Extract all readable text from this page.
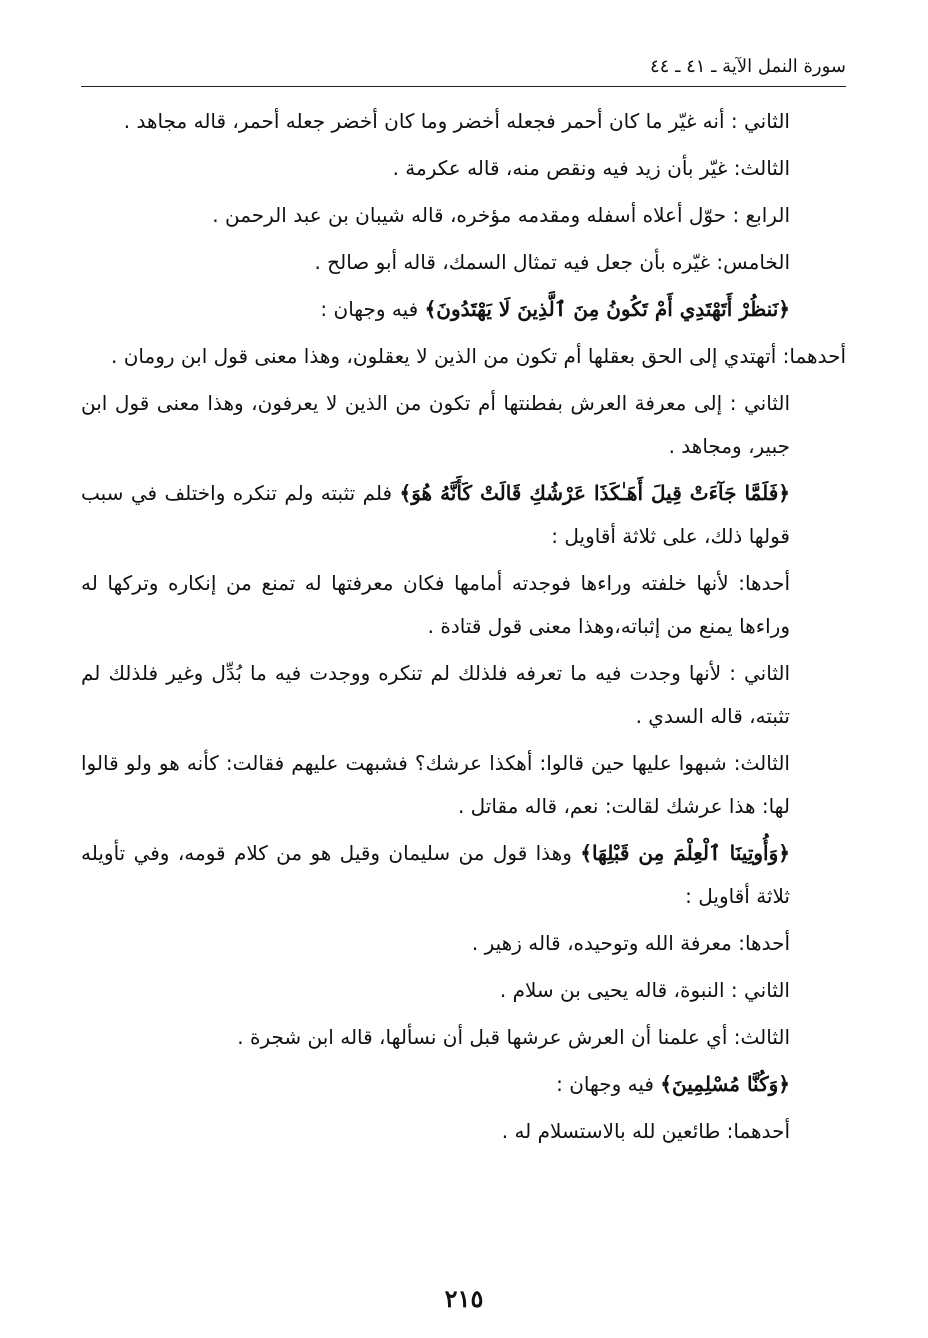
سورة النمل الآية ـ ٤١ ـ ٤٤

الثاني : أنه غيّر ما كان أحمر فجعله أخضر وما كان أخضر جعله أحمر، قاله مجاهد .

الثالث: غيّر بأن زيد فيه ونقص منه، قاله عكرمة .

الرابع : حوّل أعلاه أسفله ومقدمه مؤخره، قاله شيبان بن عبد الرحمن .

الخامس: غيّره بأن جعل فيه تمثال السمك، قاله أبو صالح .

﴿نَنظُرْ أَتَهْتَدِي أَمْ تَكُونُ مِنَ ٱلَّذِينَ لَا يَهْتَدُونَ﴾ فيه وجهان :

أحدهما: أتهتدي إلى الحق بعقلها أم تكون من الذين لا يعقلون، وهذا معنى قول ابن رومان .

الثاني : إلى معرفة العرش بفطنتها أم تكون من الذين لا يعرفون، وهذا معنى قول ابن جبير، ومجاهد .

﴿فَلَمَّا جَآءَتْ قِيلَ أَهَـٰكَذَا عَرْشُكِ قَالَتْ كَأَنَّهُ هُوَ﴾ فلم تثبته ولم تنكره واختلف في سبب قولها ذلك، على ثلاثة أقاويل :

أحدها: لأنها خلفته وراءها فوجدته أمامها فكان معرفتها له تمنع من إنكاره وتركها له وراءها يمنع من إثباته،وهذا معنى قول قتادة .

الثاني : لأنها وجدت فيه ما تعرفه فلذلك لم تنكره ووجدت فيه ما بُدِّل وغير فلذلك لم تثبته، قاله السدي .

الثالث: شبهوا عليها حين قالوا: أهكذا عرشك؟ فشبهت عليهم فقالت: كأنه هو ولو قالوا لها: هذا عرشك لقالت: نعم، قاله مقاتل .

﴿وَأُوتِينَا ٱلْعِلْمَ مِن قَبْلِهَا﴾ وهذا قول من سليمان وقيل هو من كلام قومه، وفي تأويله ثلاثة أقاويل :

أحدها: معرفة الله وتوحيده، قاله زهير .

الثاني : النبوة، قاله يحيى بن سلام .

الثالث: أي علمنا أن العرش عرشها قبل أن نسألها، قاله ابن شجرة .

﴿وَكُنَّا مُسْلِمِينَ﴾ فيه وجهان :

أحدهما: طائعين لله بالاستسلام له .

٢١٥
